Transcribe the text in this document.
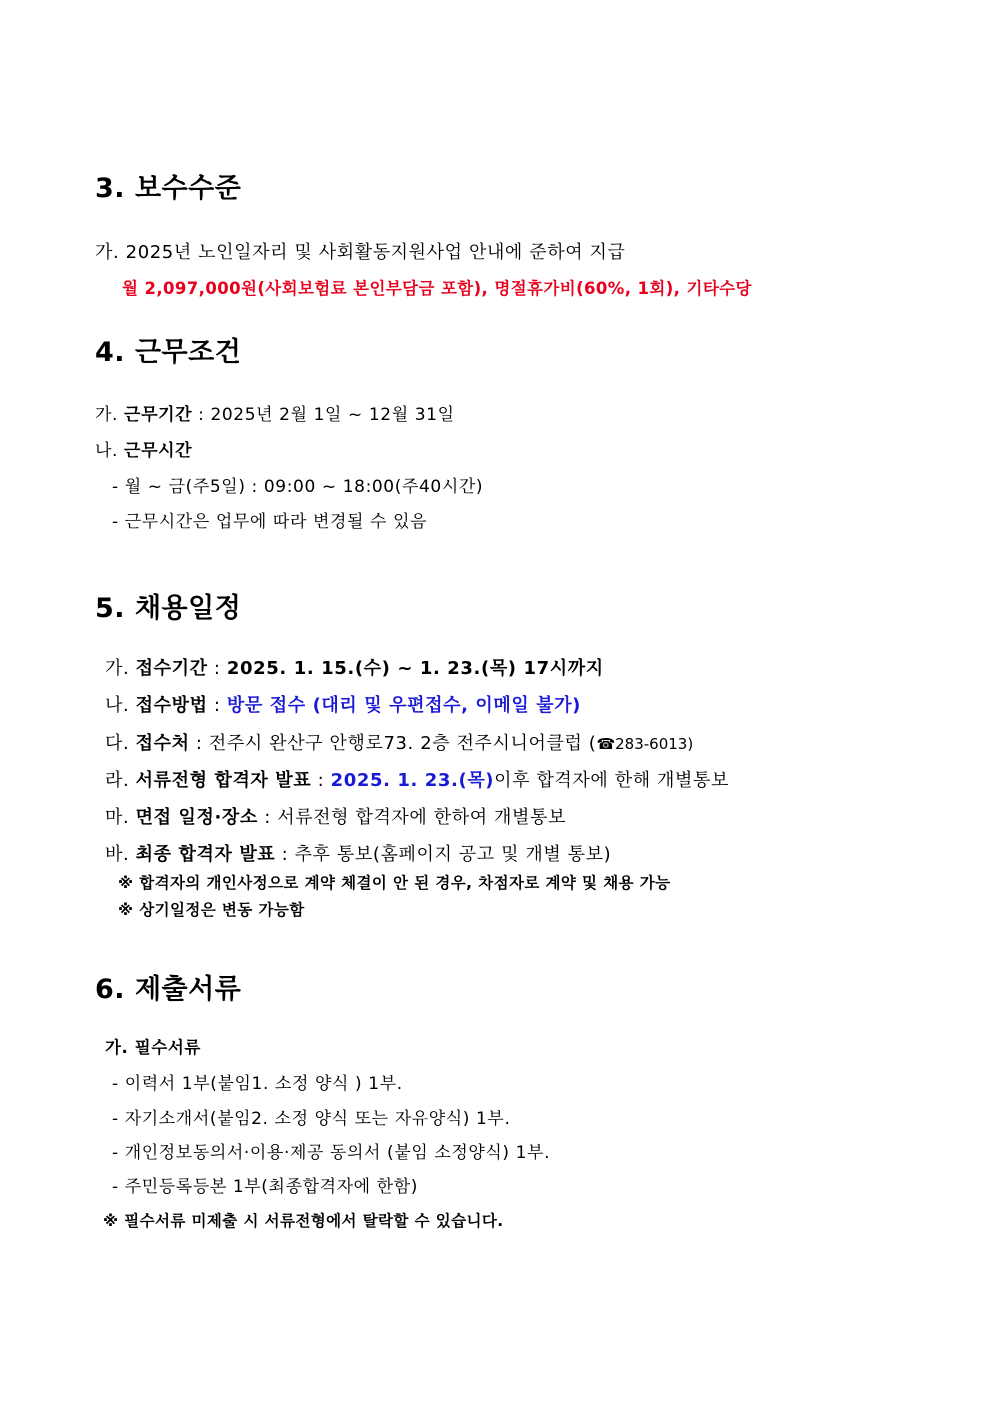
3. 보수수준
가. 2025년 노인일자리 및 사회활동지원사업 안내에 준하여 지급
월 2,097,000원(사회보험료 본인부담금 포함), 명절휴가비(60%, 1회), 기타수당
4. 근무조건
가. 근무기간 : 2025년 2월 1일 ~ 12월 31일
나. 근무시간
- 월 ~ 금(주5일) : 09:00 ~ 18:00(주40시간)
- 근무시간은 업무에 따라 변경될 수 있음
5. 채용일정
가. 접수기간 : 2025. 1. 15.(수) ~ 1. 23.(목) 17시까지
나. 접수방법 : 방문 접수 (대리 및 우편접수, 이메일 불가)
다. 접수처 : 전주시 완산구 안행로73. 2층 전주시니어클럽 (☎283-6013)
라. 서류전형 합격자 발표 : 2025. 1. 23.(목)이후 합격자에 한해 개별통보
마. 면접 일정·장소 : 서류전형 합격자에 한하여 개별통보
바. 최종 합격자 발표 : 추후 통보(홈페이지 공고 및 개별 통보)
※ 합격자의 개인사정으로 계약 체결이 안 된 경우, 차점자로 계약 및 채용 가능
※ 상기일정은 변동 가능함
6. 제출서류
가. 필수서류
- 이력서 1부(붙임1. 소정 양식 ) 1부.
- 자기소개서(붙임2. 소정 양식 또는 자유양식) 1부.
- 개인정보동의서·이용·제공 동의서 (붙임 소정양식) 1부.
- 주민등록등본 1부(최종합격자에 한함)
※ 필수서류 미제출 시 서류전형에서 탈락할 수 있습니다.
